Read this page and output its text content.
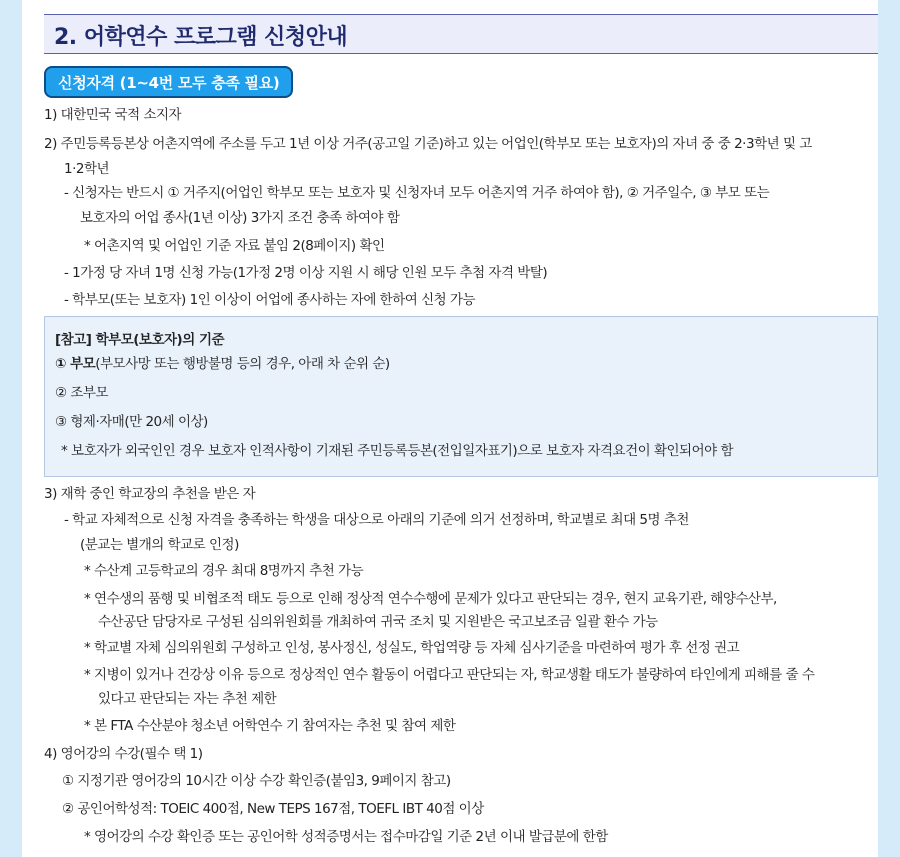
2. 어학연수 프로그램 신청안내
신청자격 (1~4번 모두 충족 필요)
1) 대한민국 국적 소지자
2) 주민등록등본상 어촌지역에 주소를 두고 1년 이상 거주(공고일 기준)하고 있는 어업인(학부모 또는 보호자)의 자녀 중 중 2·3학년 및 고
1·2학년
- 신청자는 반드시 ① 거주지(어업인 학부모 또는 보호자 및 신청자녀 모두 어촌지역 거주 하여야 함), ② 거주일수, ③ 부모 또는
보호자의 어업 종사(1년 이상) 3가지 조건 충족 하여야 함
* 어촌지역 및 어업인 기준 자료 붙임 2(8페이지) 확인
- 1가정 당 자녀 1명 신청 가능(1가정 2명 이상 지원 시 해당 인원 모두 추첨 자격 박탈)
- 학부모(또는 보호자) 1인 이상이 어업에 종사하는 자에 한하여 신청 가능
[참고] 학부모(보호자)의 기준
① 부모(부모사망 또는 행방불명 등의 경우, 아래 차 순위 순)
② 조부모
③ 형제·자매(만 20세 이상)
* 보호자가 외국인인 경우 보호자 인적사항이 기재된 주민등록등본(전입일자표기)으로 보호자 자격요건이 확인되어야 함
3) 재학 중인 학교장의 추천을 받은 자
- 학교 자체적으로 신청 자격을 충족하는 학생을 대상으로 아래의 기준에 의거 선정하며, 학교별로 최대 5명 추천
(분교는 별개의 학교로 인정)
* 수산계 고등학교의 경우 최대 8명까지 추천 가능
* 연수생의 품행 및 비협조적 태도 등으로 인해 정상적 연수수행에 문제가 있다고 판단되는 경우, 현지 교육기관, 해양수산부,
수산공단 담당자로 구성된 심의위원회를 개최하여 귀국 조치 및 지원받은 국고보조금 일괄 환수 가능
* 학교별 자체 심의위원회 구성하고 인성, 봉사정신, 성실도, 학업역량 등 자체 심사기준을 마련하여 평가 후 선정 권고
* 지병이 있거나 건강상 이유 등으로 정상적인 연수 활동이 어렵다고 판단되는 자, 학교생활 태도가 불량하여 타인에게 피해를 줄 수
있다고 판단되는 자는 추천 제한
* 본 FTA 수산분야 청소년 어학연수 기 참여자는 추천 및 참여 제한
4) 영어강의 수강(필수 택 1)
① 지정기관 영어강의 10시간 이상 수강 확인증(붙임3, 9페이지 참고)
② 공인어학성적: TOEIC 400점, New TEPS 167점, TOEFL IBT 40점 이상
* 영어강의 수강 확인증 또는 공인어학 성적증명서는 접수마감일 기준 2년 이내 발급분에 한함
